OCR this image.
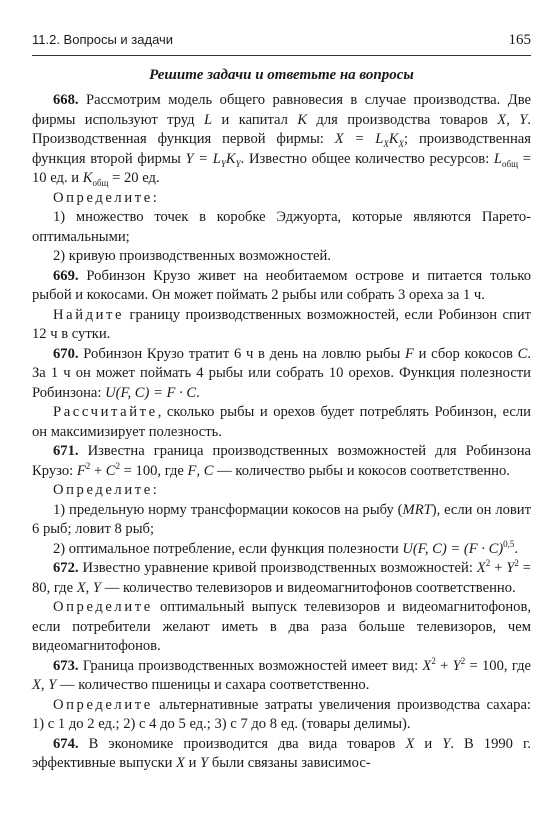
11.2. Вопросы и задачи	165
Решите задачи и ответьте на вопросы

668. Рассмотрим модель общего равновесия в случае производства. Две фирмы используют труд L и капитал K для производства товаров X, Y. Производственная функция первой фирмы: $X = L_XK_X$; производственная функция второй фирмы $Y = L_YK_Y$. Известно общее количество ресурсов: $L_{общ} = 10$ ед. и $K_{общ} = 20$ ед.

Определите:

1) множество точек в коробке Эджуорта, которые являются Парето-оптимальными;

2) кривую производственных возможностей.

669. Робинзон Крузо живет на необитаемом острове и питается только рыбой и кокосами. Он может поймать 2 рыбы или собрать 3 ореха за 1 ч.

Найдите границу производственных возможностей, если Робинзон спит 12 ч в сутки.

670. Робинзон Крузо тратит 6 ч в день на ловлю рыбы F и сбор кокосов C. За 1 ч он может поймать 4 рыбы или собрать 10 орехов. Функция полезности Робинзона: U(F, C) = F · C.

Рассчитайте, сколько рыбы и орехов будет потреблять Робинзон, если он максимизирует полезность.

671. Известна граница производственных возможностей для Робинзона Крузо: $F^2 + C^2 = 100$, где F, C — количество рыбы и кокосов соответственно.

Определите:

1) предельную норму трансформации кокосов на рыбу (MRT), если он ловит 6 рыб; ловит 8 рыб;

2) оптимальное потребление, если функция полезности U(F, $C) = (F \cdot C)^{0,5}$.

672. Известно уравнение кривой производственных возможностей: $X^2 + Y^2 = 80$, где X, Y — количество телевизоров и видеомагнитофонов соответственно.

Определите оптимальный выпуск телевизоров и видеомагнитофонов, если потребители желают иметь в два раза больше телевизоров, чем видеомагнитофонов.

673. Граница производственных возможностей имеет вид: $X^2 + Y^2 = 100$, где X, Y — количество пшеницы и сахара соответственно.

Определите альтернативные затраты увеличения производства сахара: 1) с 1 до 2 ед.; 2) с 4 до 5 ед.; 3) с 7 до 8 ед. (товары делимы).

674. В экономике производится два вида товаров X и Y. В 1990 г. эффективные выпуски X и Y были связаны зависимос-
